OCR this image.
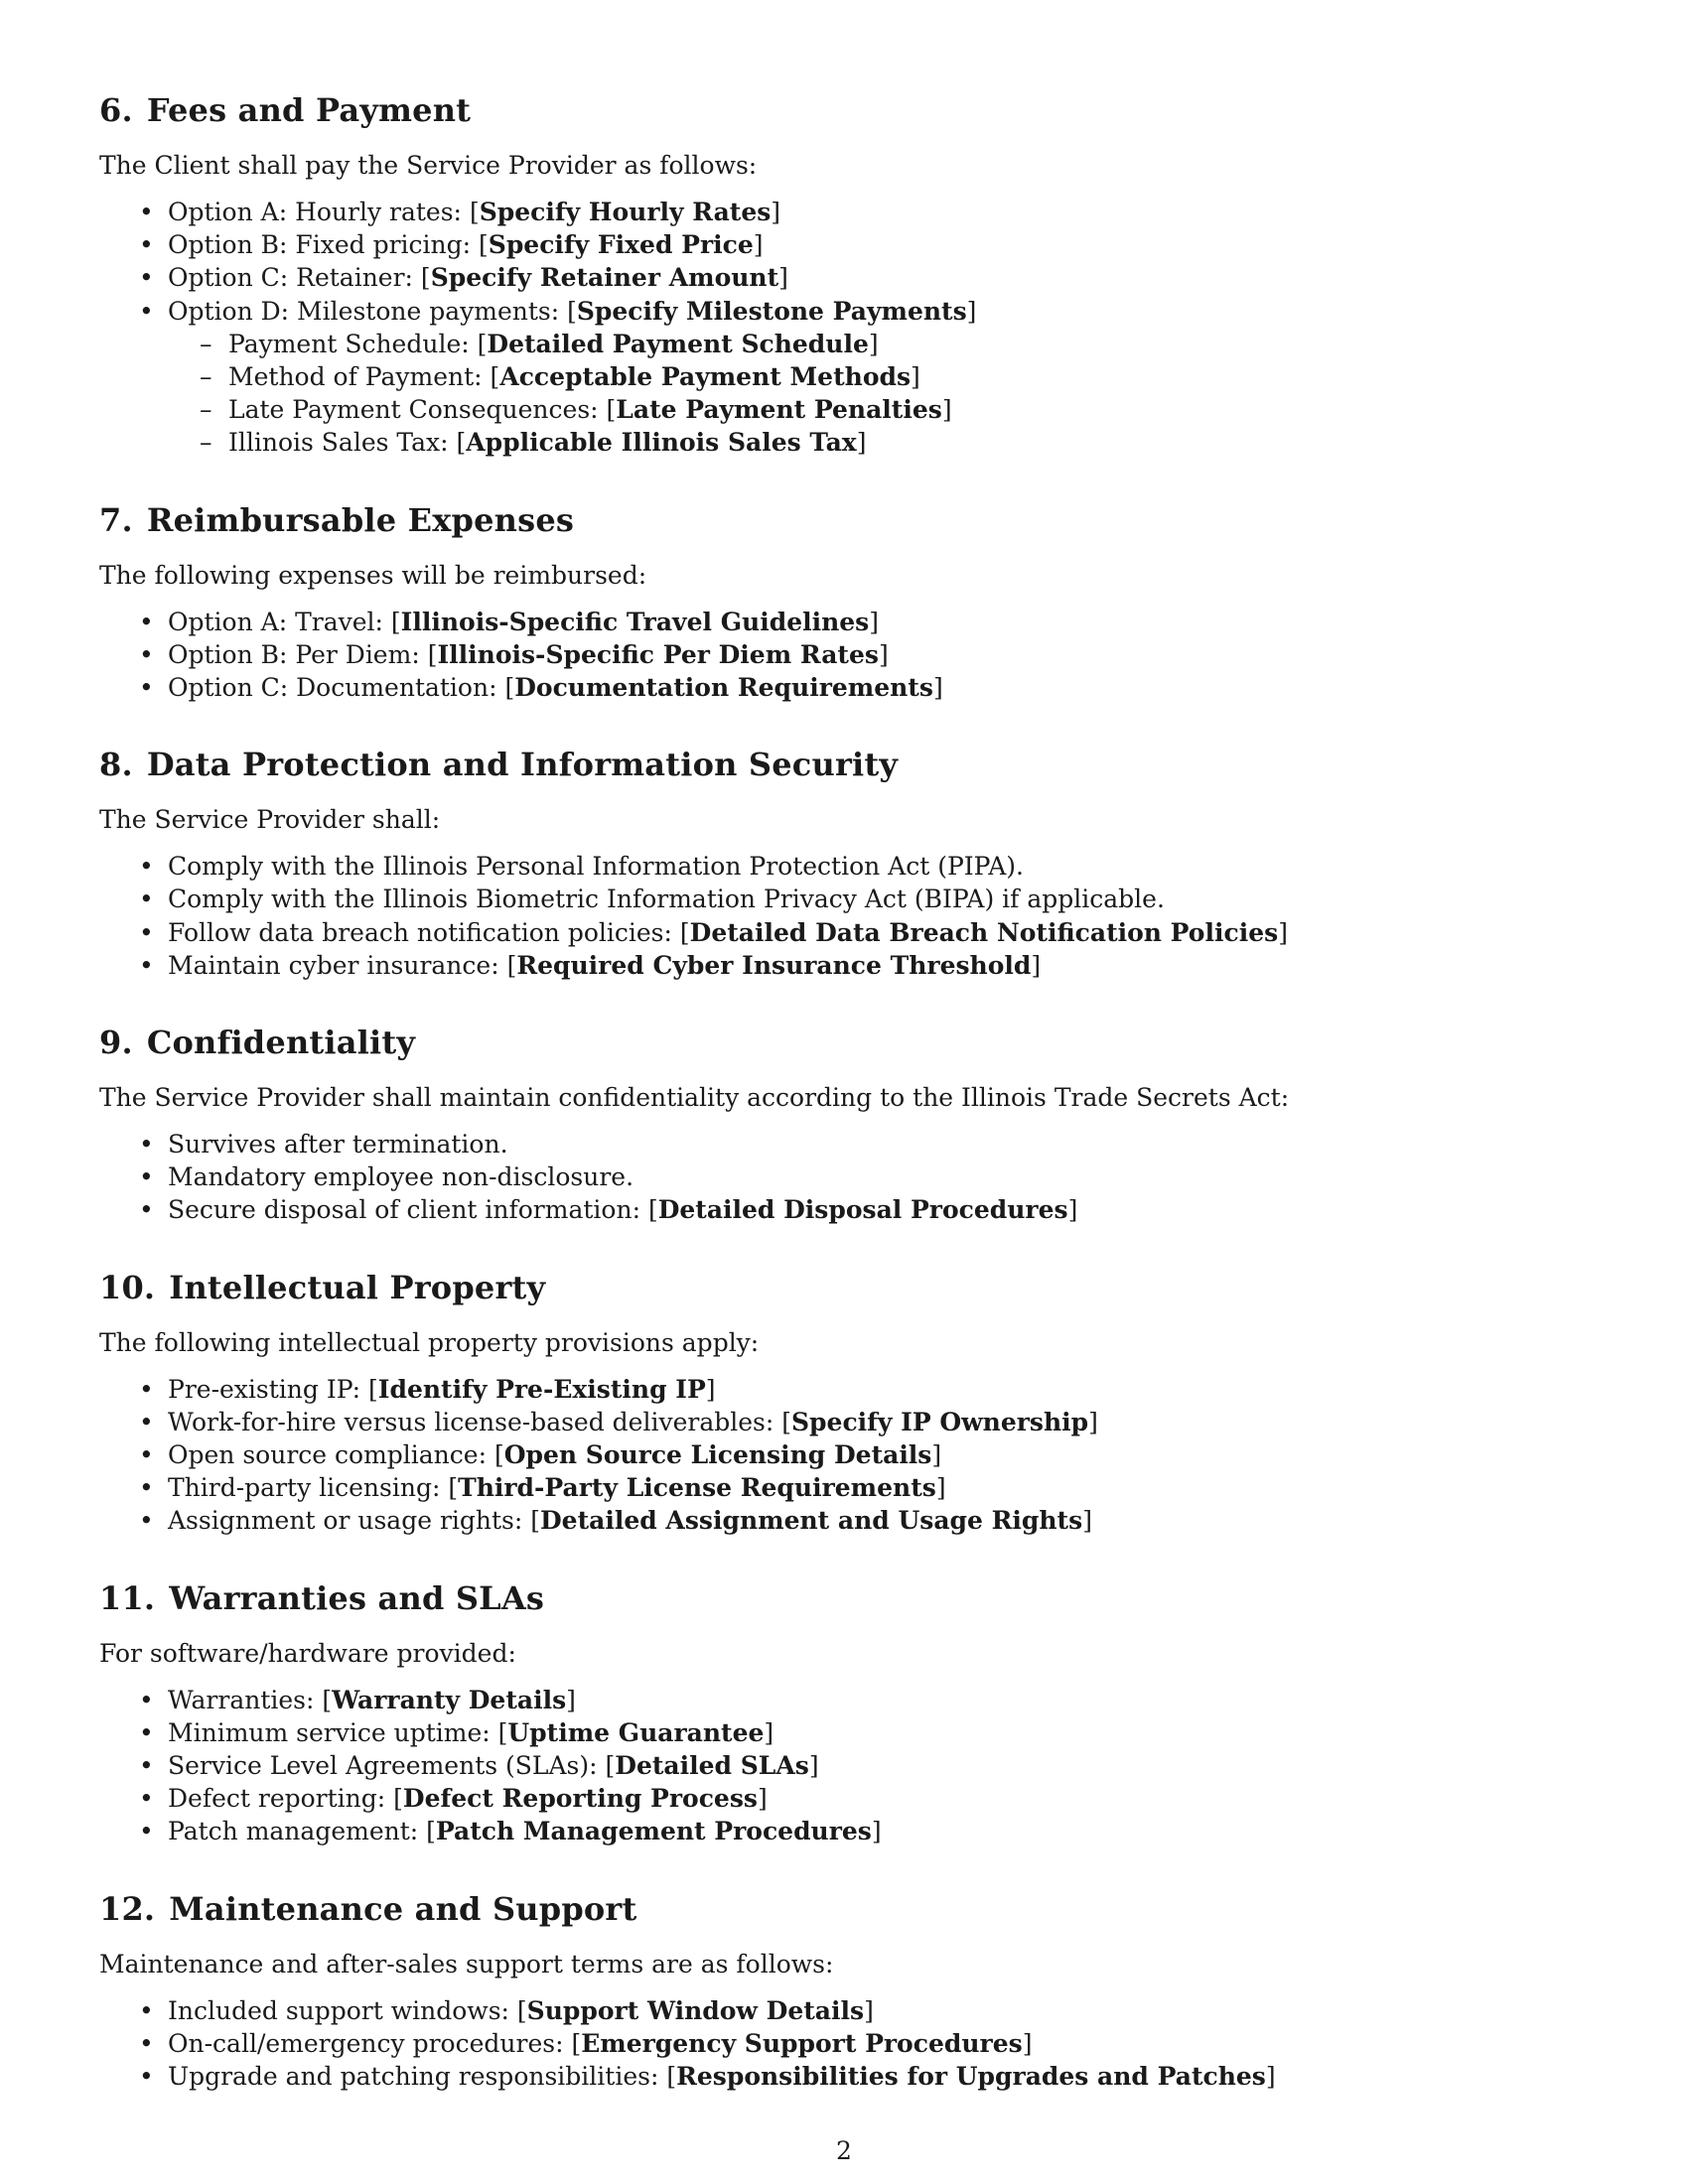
6. Fees and Payment

The Client shall pay the Service Provider as follows:

• Option A: Hourly rates: [Specify Hourly Rates]
• Option B: Fixed pricing: [Specify Fixed Price]
• Option C: Retainer: [Specify Retainer Amount]
• Option D: Milestone payments: [Specify Milestone Payments]
– Payment Schedule: [Detailed Payment Schedule]
– Method of Payment: [Acceptable Payment Methods]
– Late Payment Consequences: [Late Payment Penalties]
– Illinois Sales Tax: [Applicable Illinois Sales Tax]
7. Reimbursable Expenses

The following expenses will be reimbursed:

• Option A: Travel: [Illinois-Specific Travel Guidelines]
• Option B: Per Diem: [Illinois-Specific Per Diem Rates]
• Option C: Documentation: [Documentation Requirements]
8. Data Protection and Information Security

The Service Provider shall:

• Comply with the Illinois Personal Information Protection Act (PIPA).
• Comply with the Illinois Biometric Information Privacy Act (BIPA) if applicable.
• Follow data breach notification policies: [Detailed Data Breach Notification Policies]
• Maintain cyber insurance: [Required Cyber Insurance Threshold]
9. Confidentiality

The Service Provider shall maintain confidentiality according to the Illinois Trade Secrets Act:

• Survives after termination.
• Mandatory employee non-disclosure.
• Secure disposal of client information: [Detailed Disposal Procedures]
10. Intellectual Property

The following intellectual property provisions apply:

• Pre-existing IP: [Identify Pre-Existing IP]
• Work-for-hire versus license-based deliverables: [Specify IP Ownership]
• Open source compliance: [Open Source Licensing Details]
• Third-party licensing: [Third-Party License Requirements]
• Assignment or usage rights: [Detailed Assignment and Usage Rights]
11. Warranties and SLAs

For software/hardware provided:

• Warranties: [Warranty Details]
• Minimum service uptime: [Uptime Guarantee]
• Service Level Agreements (SLAs): [Detailed SLAs]
• Defect reporting: [Defect Reporting Process]
• Patch management: [Patch Management Procedures]
12. Maintenance and Support

Maintenance and after-sales support terms are as follows:

• Included support windows: [Support Window Details]
• On-call/emergency procedures: [Emergency Support Procedures]
• Upgrade and patching responsibilities: [Responsibilities for Upgrades and Patches]
2
